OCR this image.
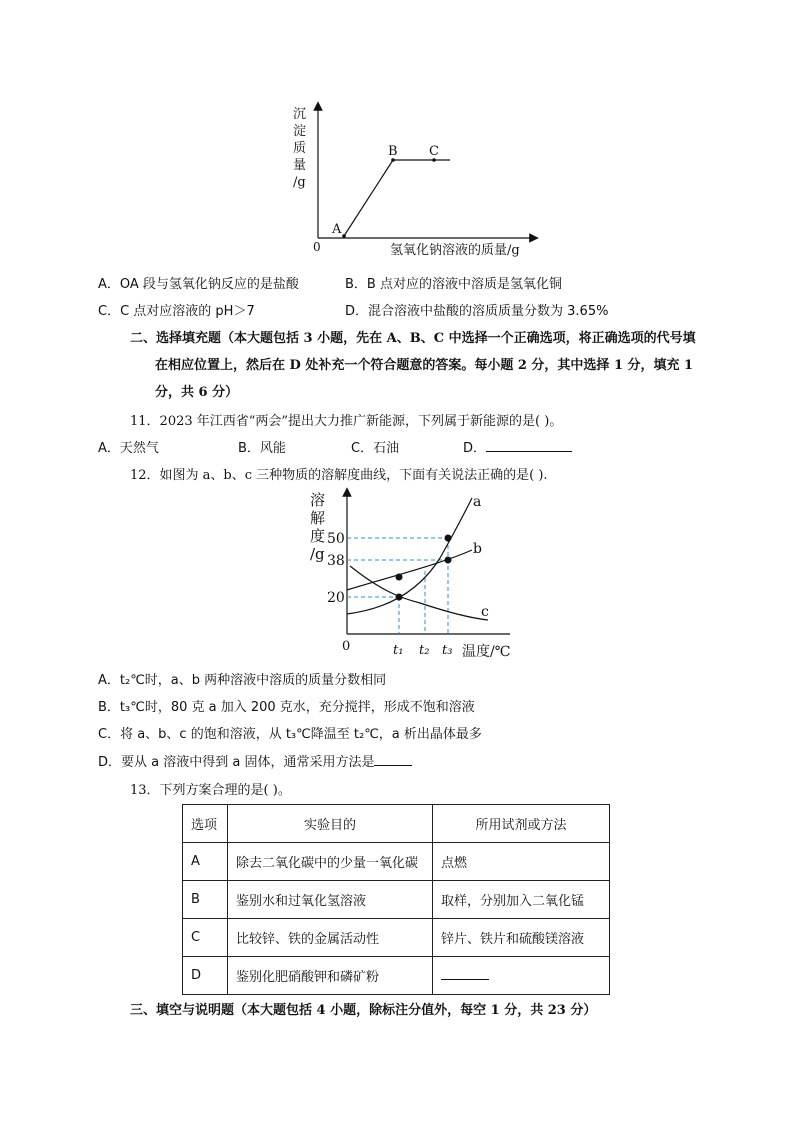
A
B C
0	氢氧化钠溶液的质量/g
沉
淀
质
量
/g
A．OA 段与氢氧化钠反应的是盐酸	B．B 点对应的溶液中溶质是氢氧化铜
C．C 点对应溶液的 pH＞7	D．混合溶液中盐酸的溶质质量分数为 3.65%
二、选择填充题（本大题包括 3 小题，先在 A、B、C 中选择一个正确选项，将正确选项的代号填
在相应位置上，然后在 D 处补充一个符合题意的答案。每小题 2 分，其中选择 1 分，填充 1
分，共 6 分）
11．2023 年江西省“两会”提出大力推广新能源，下列属于新能源的是( )。
A．天然气	B．风能	C．石油	D．
12．如图为 a、b、c 三种物质的溶解度曲线，下面有关说法正确的是( ).
a
b
c
50
38
20
0	t₁ t₂ t₃ 温度/℃
溶
解
度
/g
A．t₂℃时，a、b 两种溶液中溶质的质量分数相同
B．t₃℃时，80 克 a 加入 200 克水，充分搅拌，形成不饱和溶液
C．将 a、b、c 的饱和溶液，从 t₃℃降温至 t₂℃，a 析出晶体最多
D．要从 a 溶液中得到 a 固体，通常采用方法是
13．下列方案合理的是( )。
选项	实验目的	所用试剂或方法
A	除去二氧化碳中的少量一氧化碳	点燃
B	鉴别水和过氧化氢溶液	取样，分别加入二氧化锰
C	比较锌、铁的金属活动性	锌片、铁片和硫酸镁溶液
D	鉴别化肥硝酸钾和磷矿粉	
三、填空与说明题（本大题包括 4 小题，除标注分值外，每空 1 分，共 23 分）
